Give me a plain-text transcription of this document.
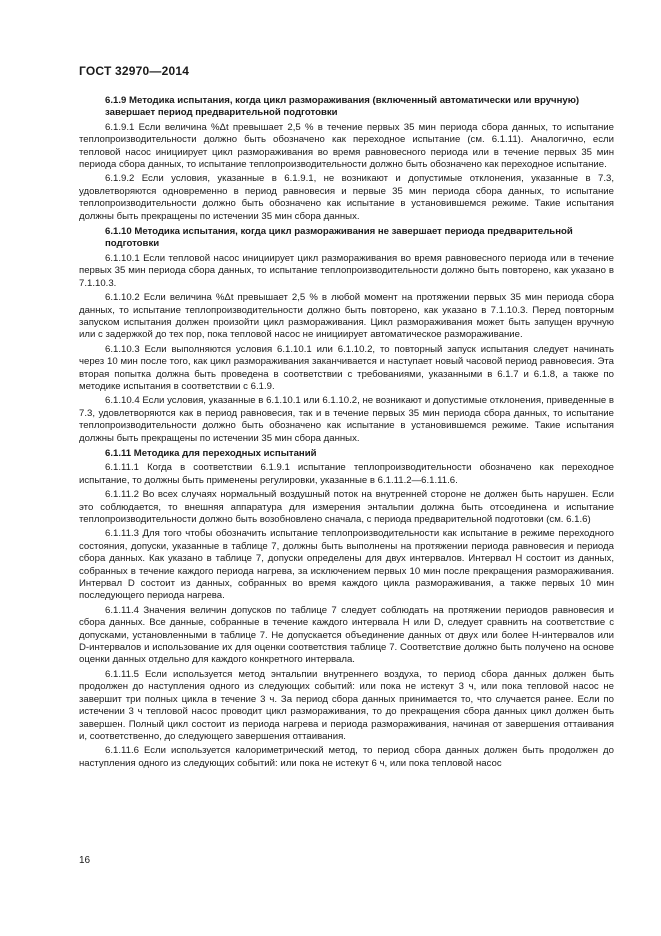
ГОСТ 32970—2014

6.1.9 Методика испытания, когда цикл размораживания (включенный автоматически или вручную) завершает период предварительной подготовки

6.1.9.1 Если величина %Δt превышает 2,5 % в течение первых 35 мин периода сбора данных, то испытание теплопроизводительности должно быть обозначено как переходное испытание (см. 6.1.11). Аналогично, если тепловой насос инициирует цикл размораживания во время равновесного периода или в течение первых 35 мин периода сбора данных, то испытание теплопроизводительности должно быть обозначено как переходное испытание.

6.1.9.2 Если условия, указанные в 6.1.9.1, не возникают и допустимые отклонения, указанные в 7.3, удовлетворяются одновременно в период равновесия и первые 35 мин периода сбора данных, то испытание теплопроизводительности должно быть обозначено как испытание в установившемся режиме. Такие испытания должны быть прекращены по истечении 35 мин сбора данных.

6.1.10 Методика испытания, когда цикл размораживания не завершает периода предварительной подготовки

6.1.10.1 Если тепловой насос инициирует цикл размораживания во время равновесного периода или в течение первых 35 мин периода сбора данных, то испытание теплопроизводительности должно быть повторено, как указано в 7.1.10.3.

6.1.10.2 Если величина %Δt превышает 2,5 % в любой момент на протяжении первых 35 мин периода сбора данных, то испытание теплопроизводительности должно быть повторено, как указано в 7.1.10.3. Перед повторным запуском испытания должен произойти цикл размораживания. Цикл размораживания может быть запущен вручную или с задержкой до тех пор, пока тепловой насос не инициирует автоматическое размораживание.

6.1.10.3 Если выполняются условия 6.1.10.1 или 6.1.10.2, то повторный запуск испытания следует начинать через 10 мин после того, как цикл размораживания заканчивается и наступает новый часовой период равновесия. Эта вторая попытка должна быть проведена в соответствии с требованиями, указанными в 6.1.7 и 6.1.8, а также по методике испытания в соответствии с 6.1.9.

6.1.10.4 Если условия, указанные в 6.1.10.1 или 6.1.10.2, не возникают и допустимые отклонения, приведенные в 7.3, удовлетворяются как в период равновесия, так и в течение первых 35 мин периода сбора данных, то испытание теплопроизводительности должно быть обозначено как испытание в установившемся режиме. Такие испытания должны быть прекращены по истечении 35 мин сбора данных.

6.1.11 Методика для переходных испытаний

6.1.11.1 Когда в соответствии 6.1.9.1 испытание теплопроизводительности обозначено как переходное испытание, то должны быть применены регулировки, указанные в 6.1.11.2—6.1.11.6.

6.1.11.2 Во всех случаях нормальный воздушный поток на внутренней стороне не должен быть нарушен. Если это соблюдается, то внешняя аппаратура для измерения энтальпии должна быть отсоединена и испытание теплопроизводительности должно быть возобновлено сначала, с периода предварительной подготовки (см. 6.1.6)

6.1.11.3 Для того чтобы обозначить испытание теплопроизводительности как испытание в режиме переходного состояния, допуски, указанные в таблице 7, должны быть выполнены на протяжении периода равновесия и периода сбора данных. Как указано в таблице 7, допуски определены для двух интервалов. Интервал H состоит из данных, собранных в течение каждого периода нагрева, за исключением первых 10 мин после прекращения размораживания. Интервал D состоит из данных, собранных во время каждого цикла размораживания, а также первых 10 мин последующего периода нагрева.

6.1.11.4 Значения величин допусков по таблице 7 следует соблюдать на протяжении периодов равновесия и сбора данных. Все данные, собранные в течение каждого интервала H или D, следует сравнить на соответствие с допусками, установленными в таблице 7. Не допускается объединение данных от двух или более H-интервалов или D-интервалов и использование их для оценки соответствия таблице 7. Соответствие должно быть получено на основе оценки данных отдельно для каждого конкретного интервала.

6.1.11.5 Если используется метод энтальпии внутреннего воздуха, то период сбора данных должен быть продолжен до наступления одного из следующих событий: или пока не истекут 3 ч, или пока тепловой насос не завершит три полных цикла в течение 3 ч. За период сбора данных принимается то, что случается ранее. Если по истечении 3 ч тепловой насос проводит цикл размораживания, то до прекращения сбора данных цикл должен быть завершен. Полный цикл состоит из периода нагрева и периода размораживания, начиная от завершения оттаивания и, соответственно, до следующего завершения оттаивания.

6.1.11.6 Если используется калориметрический метод, то период сбора данных должен быть продолжен до наступления одного из следующих событий: или пока не истекут 6 ч, или пока тепловой насос

16
